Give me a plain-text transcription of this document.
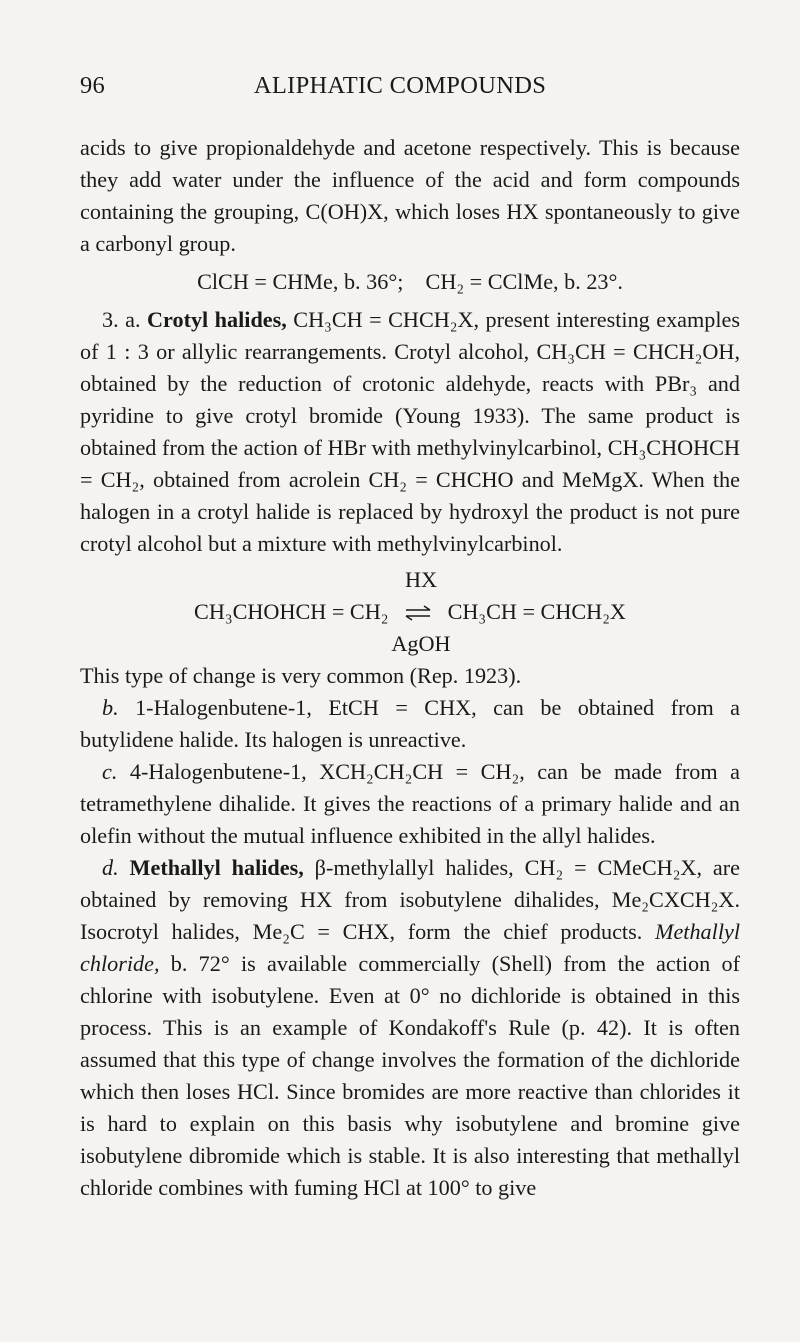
96	ALIPHATIC COMPOUNDS

acids to give propionaldehyde and acetone respectively. This is because they add water under the influence of the acid and form compounds containing the grouping, C(OH)X, which loses HX spontaneously to give a carbonyl group.

ClCH = CHMe, b. 36°;    CH₂ = CClMe, b. 23°.

3. a. Crotyl halides, CH₃CH = CHCH₂X, present interesting examples of 1 : 3 or allylic rearrangements. Crotyl alcohol, CH₃CH = CHCH₂OH, obtained by the reduction of crotonic aldehyde, reacts with PBr₃ and pyridine to give crotyl bromide (Young 1933). The same product is obtained from the action of HBr with methylvinylcarbinol, CH₃CHOHCH = CH₂, obtained from acrolein CH₂ = CHCHO and MeMgX. When the halogen in a crotyl halide is replaced by hydroxyl the product is not pure crotyl alcohol but a mixture with methylvinylcarbinol.

HX
CH₃CHOHCH = CH₂ ⇌ CH₃CH = CHCH₂X
AgOH

This type of change is very common (Rep. 1923).

b. 1-Halogenbutene-1, EtCH = CHX, can be obtained from a butylidene halide. Its halogen is unreactive.

c. 4-Halogenbutene-1, XCH₂CH₂CH = CH₂, can be made from a tetramethylene dihalide. It gives the reactions of a primary halide and an olefin without the mutual influence exhibited in the allyl halides.

d. Methallyl halides, β-methylallyl halides, CH₂ = CMeCH₂X, are obtained by removing HX from isobutylene dihalides, Me₂CXCH₂X. Isocrotyl halides, Me₂C = CHX, form the chief products. Methallyl chloride, b. 72° is available commercially (Shell) from the action of chlorine with isobutylene. Even at 0° no dichloride is obtained in this process. This is an example of Kondakoff's Rule (p. 42). It is often assumed that this type of change involves the formation of the dichloride which then loses HCl. Since bromides are more reactive than chlorides it is hard to explain on this basis why isobutylene and bromine give isobutylene dibromide which is stable. It is also interesting that methallyl chloride combines with fuming HCl at 100° to give
